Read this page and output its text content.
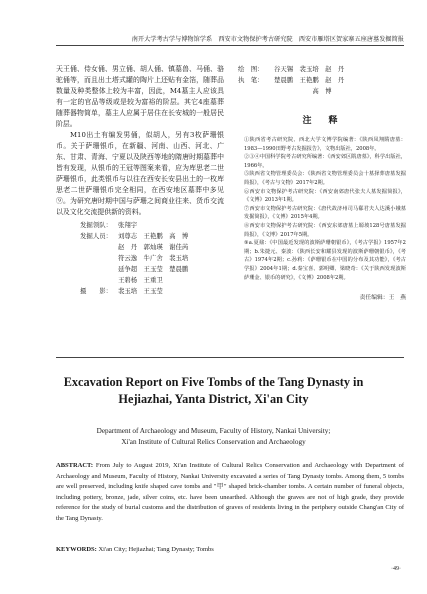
南开大学考古学与博物馆学系　西安市文物保护考古研究院　西安市雁塔区贺家寨五座唐墓发掘简报

天王俑、侍女俑、男立俑、胡人俑、镇墓兽、马俑、骆驼俑等，而且出土塔式罐的陶片上还贴有金箔，随葬品数量及种类整体上较为丰富，因此，M4墓主人应该具有一定的官品等级或是较为富裕的阶层。其它4座墓葬随葬器物简单，墓主人应属于居住在长安城的一般居民阶层。

M10出土有编发男俑，似胡人，另有3枚萨珊银币。关于萨珊银币，在新疆、河南、山西、河北、广东、甘肃、青海、宁夏以及陕西等地的隋唐时期墓葬中皆有发现，从银币的王冠等图案来看，应为库思老二世萨珊银币，此类银币与以往在西安长安县出土的一枚库思老二世萨珊银币完全相同，在西安地区墓葬中多见⑨。为研究唐时期中国与萨珊之间商业往来、货币交流以及文化交流提供新的资料。

发掘领队： 张翔宇
发掘人员： 刘尊志　王艳鹏　高　博
赵　丹　郭灿瑛　谢佳芮
符云逸　牛广舍　裴玉培
延争超　王玉莹　楚晨鹏
王碧杨　王重卫
摄　　影： 裴玉培　王玉莹
绘　图：	谷天锡　裴玉培　赵　丹
执　笔：	楚晨鹏　王艳鹏　赵　丹
　　　　　　高　博
注　释

①陕西省考古研究院、西北大学文博学院编著：《陕西凤翔隋唐墓：1983—1990田野考古发掘报告》，文物出版社，2008年。

②③④中国科学院考古研究所编著：《西安郊区隋唐墓》，科学出版社，1966年。

⑤陕西省文物管理委员会：《陕西省文物管理委员会十墓择葬唐墓发掘简报》，《考古与文物》2017年2期。

⑥西安市文物保护考古研究院：《西安南郊唐代张夫人墓发掘简报》，《文博》2013年1期。

⑦西安市文物保护考古研究院：《唐代故济州司马郗君夫人达溪小娥墓发掘简报》，《文博》2015年4期。

⑧西安市文物保护考古研究院：《西安东郊唐墓上塬坡128号唐墓发掘简报》，《文博》2017年5期。

⑨a.夏鼐：《中国最近发现的波斯萨珊朝银币》，《考古学报》1957年2期；b.朱捷元、秦波：《陕西长安和耀县发现的波斯萨珊朝银币》，《考古》1974年2期；c.孙莉：《萨珊银币在中国的分布及其功能》，《考古学报》2004年1期；d.秦宝喜、郭明卿、梁晓奇：《关于陕西发现波斯萨珊金、银币的研究》，《文博》2008年2期。

责任编辑：王　燕
Excavation Report on Five Tombs of the Tang Dynasty in Hejiazhai, Yanta District, Xi'an City
Department of Archaeology and Museum, Faculty of History, Nankai University;
Xi'an Institute of Cultural Relics Conservation and Archaeology

ABSTRACT: From July to August 2019, Xi'an Institute of Cultural Relics Conservation and Archaeology with Department of Archaeology and Museum, Faculty of History, Nankai University excavated a series of Tang Dynasty tombs. Among them, 5 tombs are well preserved, including knife shaped cave tombs and "甲" shaped brick-chamber tombs. A certain number of funeral objects, including pottery, bronze, jade, silver coins, etc. have been unearthed. Although the graves are not of high grade, they provide reference for the study of burial customs and the distribution of graves of residents living in the periphery outside Chang'an City of the Tang Dynasty.

KEYWORDS: Xi'an City; Hejiazhai; Tang Dynasty; Tombs
·49·
